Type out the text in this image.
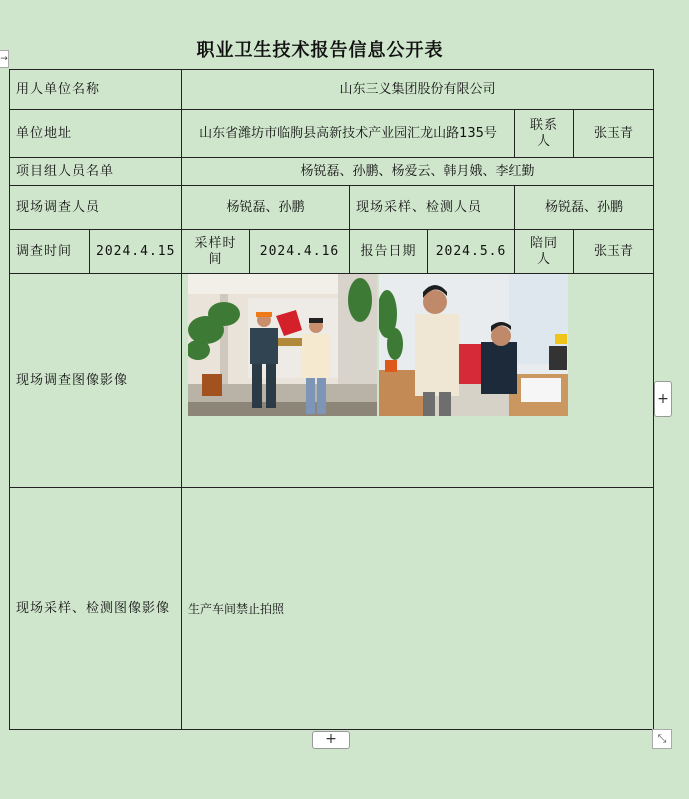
→	职业卫生技术报告信息公开表
用人单位名称		山东三义集团股份有限公司					
单位地址		山东省潍坊市临朐县高新技术产业园汇龙山路135号				联系人	张玉青
项目组人员名单		杨锐磊、孙鹏、杨爱云、韩月娥、李红勤					
现场调查人员		杨锐磊、孙鹏		现场采样、检测人员		杨锐磊、孙鹏	
调查时间	2024.4.15	采样时间	2024.4.16	报告日期	2024.5.6	陪同人	张玉青
现场调查图像影像	

现场采样、检测图像影像		生产车间禁止拍照					
+
+	⤡
